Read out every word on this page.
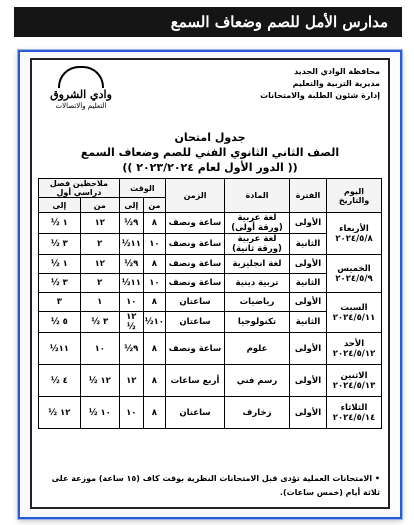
مدارس الأمل للصم وضعاف السمع
محافظة الوادي الجديد
مديرية التربية والتعليم
إدارة شئون الطلبة والامتحانات
وادي الشروق
التعليم والاتصالات
جدول امتحان
الصف الثاني الثانوي الفني للصم وضعاف السمع
(( الدور الأول لعام ٢٠٢٣/٢٠٢٤ ))
اليوم والتاريخ	الفترة	المادة	الزمن	الوقت		ملاحظين فصل دراسي أول	
				من	إلى	من	إلى

الأربعاء
٢٠٢٤/٥/٨	الأولى	لغة عربية (ورقة أولى)	ساعة ونصف	٨	٩½	١٢	١ ½
	الثانية	لغة عربية (ورقة ثانية)	ساعة ونصف	١٠	١١½	٢	٣ ½

الخميس
٢٠٢٤/٥/٩	الأولى	لغة انجليزية	ساعة ونصف	٨	٩½	١٢	١ ½
	الثانية	تربية دينية	ساعة ونصف	١٠	١١½	٢	٣ ½

السبت
٢٠٢٤/٥/١١	الأولى	رياضيات	ساعتان	٨	١٠	١	٣
	الثانية	تكنولوجيا	ساعتان	١٠½	١٢ ½	٣ ½	٥ ½

الأحد
٢٠٢٤/٥/١٢	الأولى	علوم	ساعة ونصف	٨	٩½	١٠	١١½

الاثنين
٢٠٢٤/٥/١٣	الأولى	رسم فني	أربع ساعات	٨	١٢	١٢ ½	٤ ½

الثلاثاء
٢٠٢٤/٥/١٤	الأولى	زخارف	ساعتان	٨	١٠	١٠ ½	١٢ ½
• الامتحانات العملية تؤدى قبل الامتحانات النظرية بوقت كاف (١٥ ساعة) موزعة على ثلاثة أيام (خمس ساعات).
